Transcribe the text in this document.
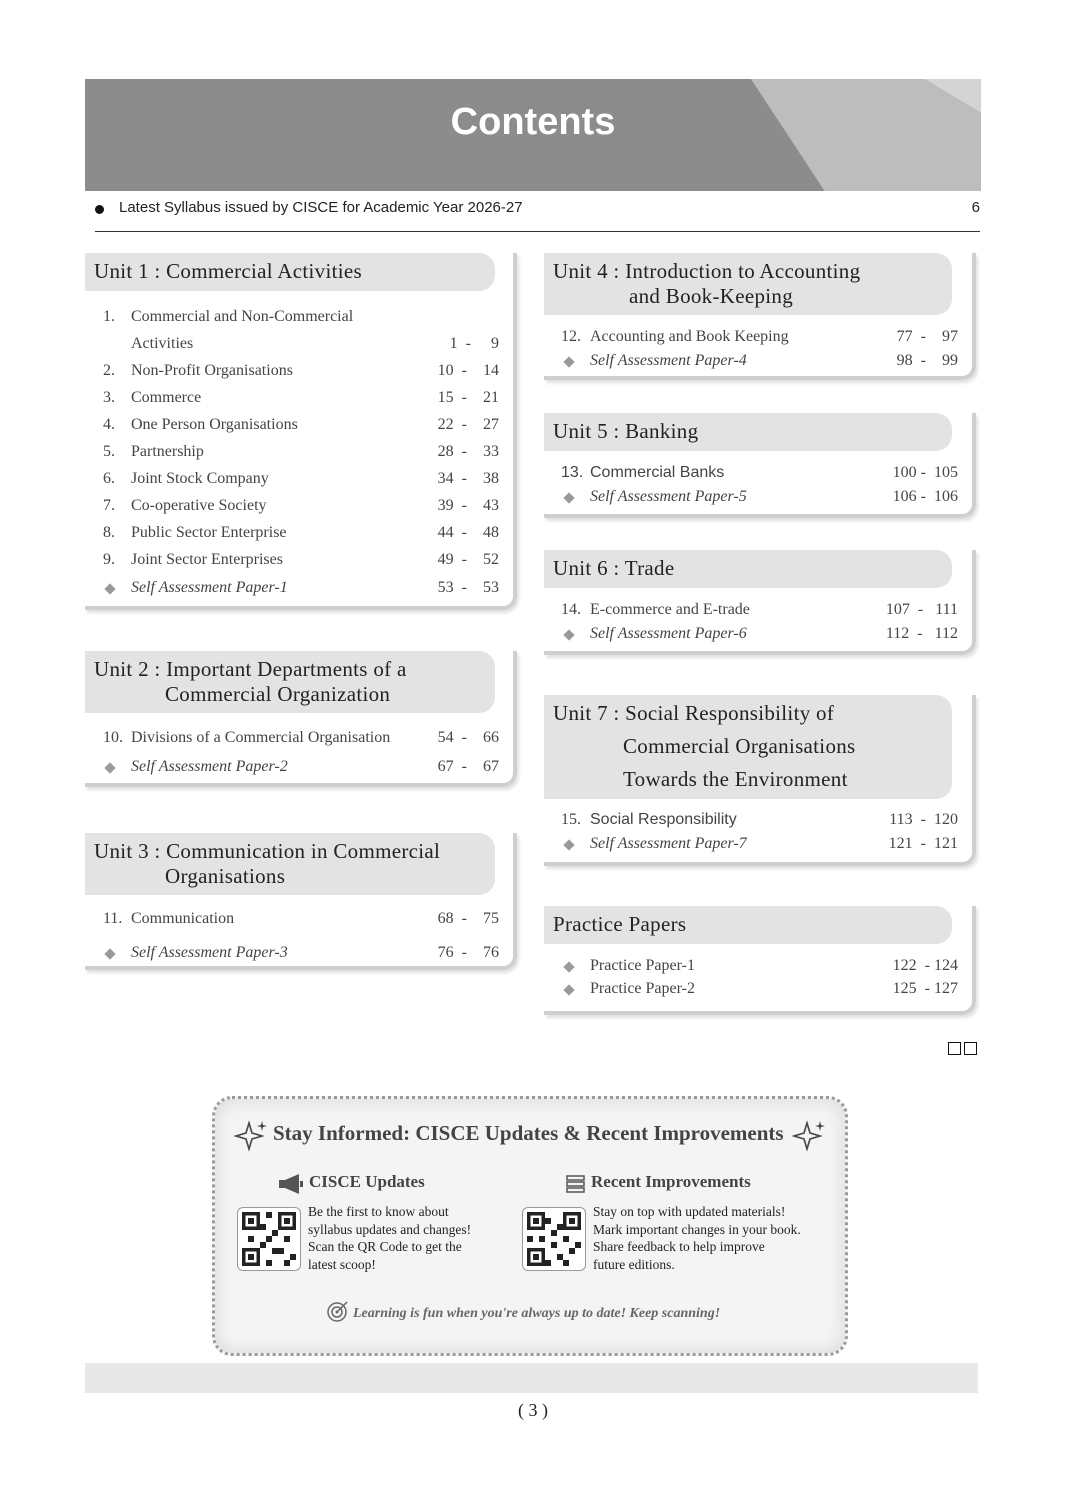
Contents
Latest Syllabus issued by CISCE for Academic Year 2026-27	6
Unit 1 : Commercial Activities
1. Commercial and Non-Commercial
Activities	1  -     9
2. Non-Profit Organisations	10  -    14
3. Commerce	15  -    21
4. One Person Organisations	22  -    27
5. Partnership	28  -    33
6. Joint Stock Company	34  -    38
7. Co-operative Society	39  -    43
8. Public Sector Enterprise	44  -    48
9. Joint Sector Enterprises	49  -    52
Self Assessment Paper-1	53  -    53
Unit 2 : Important Departments of a
Commercial Organization
10. Divisions of a Commercial Organisation	54  -    66
Self Assessment Paper-2	67  -    67
Unit 3 : Communication in Commercial
Organisations
11. Communication	68  -    75
Self Assessment Paper-3	76  -    76
Unit 4 : Introduction to Accounting
and Book-Keeping
12. Accounting and Book Keeping	77  -    97
Self Assessment Paper-4	98  -    99
Unit 5 : Banking
13. Commercial Banks	100 -  105
Self Assessment Paper-5	106 -  106
Unit 6 : Trade
14. E-commerce and E-trade	107  -   111
Self Assessment Paper-6	112  -   112
Unit 7 : Social Responsibility of
Commercial Organisations
Towards the Environment
15. Social Responsibility	113  -  120
Self Assessment Paper-7	121  -  121
Practice Papers
Practice Paper-1	122  - 124
Practice Paper-2	125  - 127
Stay Informed: CISCE Updates & Recent Improvements
CISCE Updates
Be the first to know about
syllabus updates and changes!
Scan the QR Code to get the
latest scoop!
Recent Improvements
Stay on top with updated materials!
Mark important changes in your book.
Share feedback to help improve
future editions.
Learning is fun when you're always up to date! Keep scanning!
( 3 )
